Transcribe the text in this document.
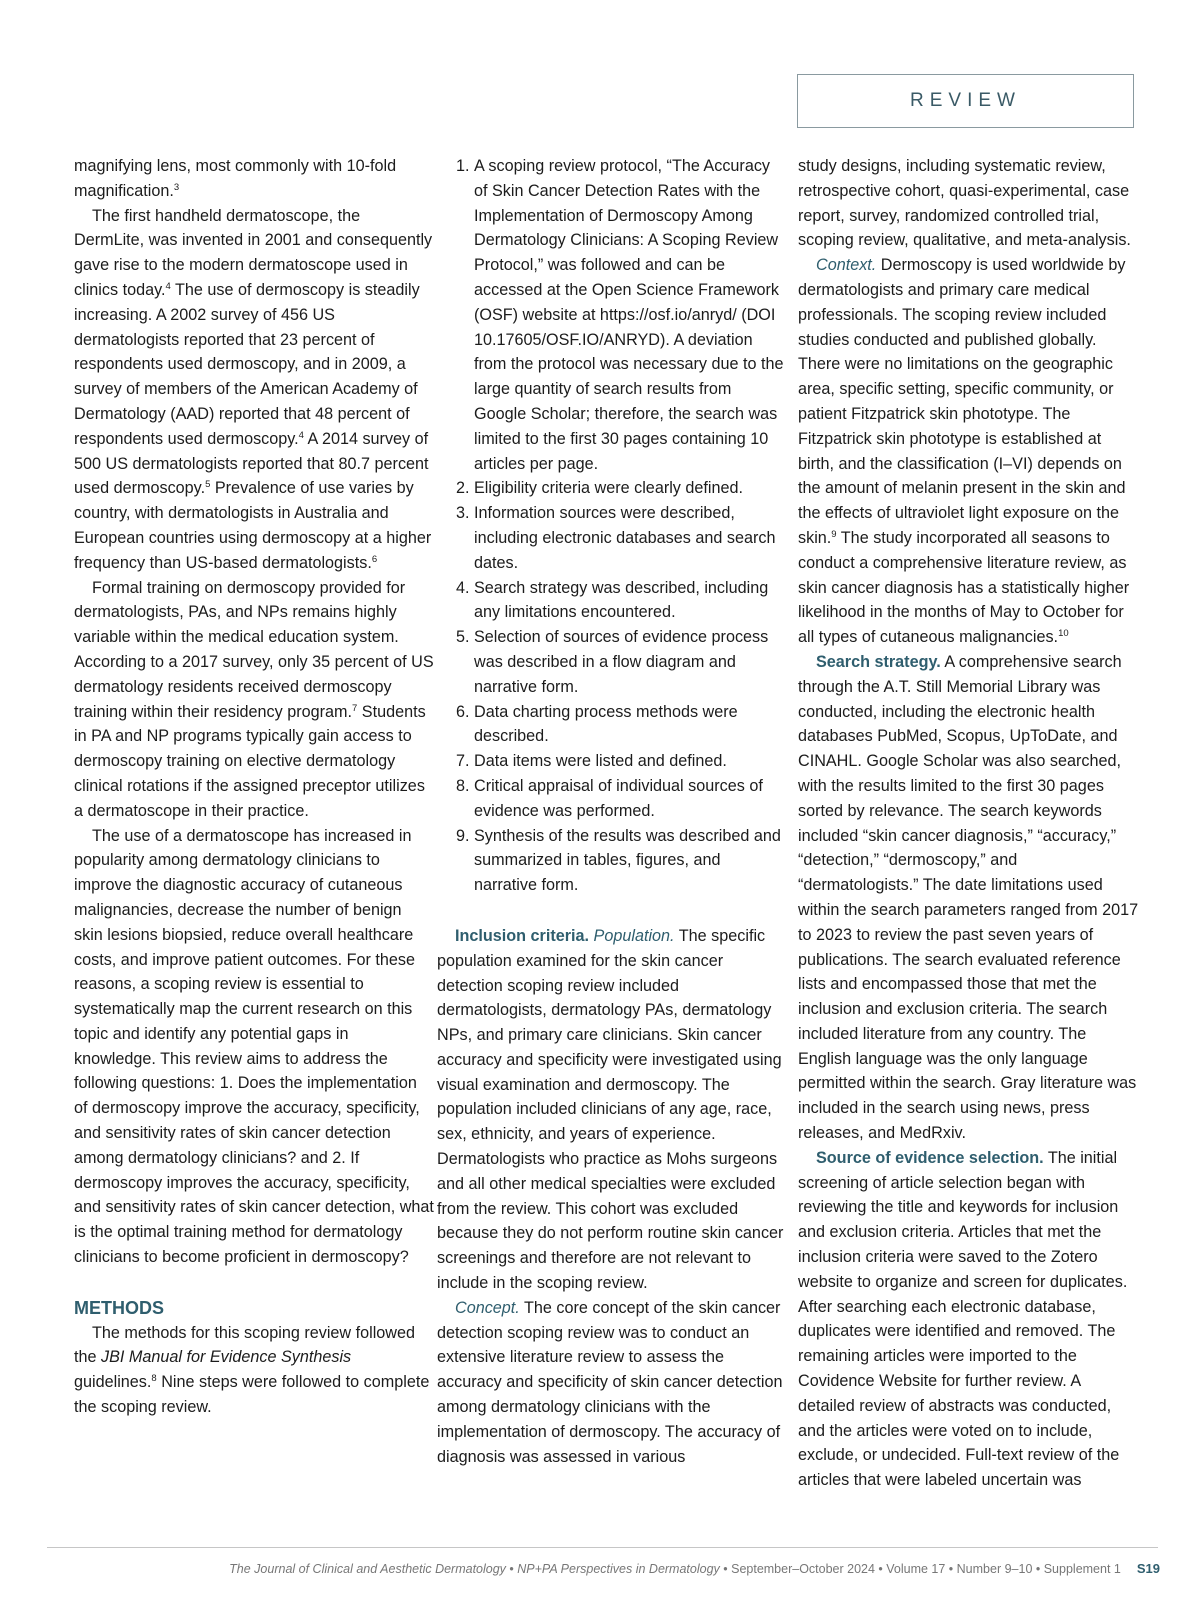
REVIEW

magnifying lens, most commonly with 10-fold magnification.$^3$

The first handheld dermatoscope, the DermLite, was invented in 2001 and consequently gave rise to the modern dermatoscope used in clinics today.$^4$ The use of dermoscopy is steadily increasing. A 2002 survey of 456 US dermatologists reported that 23 percent of respondents used dermoscopy, and in 2009, a survey of members of the American Academy of Dermatology (AAD) reported that 48 percent of respondents used dermoscopy.$^4$ A 2014 survey of 500 US dermatologists reported that 80.7 percent used dermoscopy.$^5$ Prevalence of use varies by country, with dermatologists in Australia and European countries using dermoscopy at a higher frequency than US-based dermatologists.$^6$

Formal training on dermoscopy provided for dermatologists, PAs, and NPs remains highly variable within the medical education system. According to a 2017 survey, only 35 percent of US dermatology residents received dermoscopy training within their residency program.$^7$ Students in PA and NP programs typically gain access to dermoscopy training on elective dermatology clinical rotations if the assigned preceptor utilizes a dermatoscope in their practice.

The use of a dermatoscope has increased in popularity among dermatology clinicians to improve the diagnostic accuracy of cutaneous malignancies, decrease the number of benign skin lesions biopsied, reduce overall healthcare costs, and improve patient outcomes. For these reasons, a scoping review is essential to systematically map the current research on this topic and identify any potential gaps in knowledge. This review aims to address the following questions: 1. Does the implementation of dermoscopy improve the accuracy, specificity, and sensitivity rates of skin cancer detection among dermatology clinicians? and 2. If dermoscopy improves the accuracy, specificity, and sensitivity rates of skin cancer detection, what is the optimal training method for dermatology clinicians to become proficient in dermoscopy?

METHODS

The methods for this scoping review followed the JBI Manual for Evidence Synthesis guidelines.$^8$ Nine steps were followed to complete the scoping review.

1. A scoping review protocol, “The Accuracy of Skin Cancer Detection Rates with the Implementation of Dermoscopy Among Dermatology Clinicians: A Scoping Review Protocol,” was followed and can be accessed at the Open Science Framework (OSF) website at https://osf.io/anryd/ (DOI 10.17605/OSF.IO/ANRYD). A deviation from the protocol was necessary due to the large quantity of search results from Google Scholar; therefore, the search was limited to the first 30 pages containing 10 articles per page.
2. Eligibility criteria were clearly defined.
3. Information sources were described, including electronic databases and search dates.
4. Search strategy was described, including any limitations encountered.
5. Selection of sources of evidence process was described in a flow diagram and narrative form.
6. Data charting process methods were described.
7. Data items were listed and defined.
8. Critical appraisal of individual sources of evidence was performed.
9. Synthesis of the results was described and summarized in tables, figures, and narrative form.

Inclusion criteria. Population. The specific population examined for the skin cancer detection scoping review included dermatologists, dermatology PAs, dermatology NPs, and primary care clinicians. Skin cancer accuracy and specificity were investigated using visual examination and dermoscopy. The population included clinicians of any age, race, sex, ethnicity, and years of experience. Dermatologists who practice as Mohs surgeons and all other medical specialties were excluded from the review. This cohort was excluded because they do not perform routine skin cancer screenings and therefore are not relevant to include in the scoping review.

Concept. The core concept of the skin cancer detection scoping review was to conduct an extensive literature review to assess the accuracy and specificity of skin cancer detection among dermatology clinicians with the implementation of dermoscopy. The accuracy of diagnosis was assessed in various

study designs, including systematic review, retrospective cohort, quasi-experimental, case report, survey, randomized controlled trial, scoping review, qualitative, and meta-analysis.

Context. Dermoscopy is used worldwide by dermatologists and primary care medical professionals. The scoping review included studies conducted and published globally. There were no limitations on the geographic area, specific setting, specific community, or patient Fitzpatrick skin phototype. The Fitzpatrick skin phototype is established at birth, and the classification (I–VI) depends on the amount of melanin present in the skin and the effects of ultraviolet light exposure on the skin.$^9$ The study incorporated all seasons to conduct a comprehensive literature review, as skin cancer diagnosis has a statistically higher likelihood in the months of May to October for all types of cutaneous malignancies.$^{10}$

Search strategy. A comprehensive search through the A.T. Still Memorial Library was conducted, including the electronic health databases PubMed, Scopus, UpToDate, and CINAHL. Google Scholar was also searched, with the results limited to the first 30 pages sorted by relevance. The search keywords included “skin cancer diagnosis,” “accuracy,” “detection,” “dermoscopy,” and “dermatologists.” The date limitations used within the search parameters ranged from 2017 to 2023 to review the past seven years of publications. The search evaluated reference lists and encompassed those that met the inclusion and exclusion criteria. The search included literature from any country. The English language was the only language permitted within the search. Gray literature was included in the search using news, press releases, and MedRxiv.

Source of evidence selection. The initial screening of article selection began with reviewing the title and keywords for inclusion and exclusion criteria. Articles that met the inclusion criteria were saved to the Zotero website to organize and screen for duplicates. After searching each electronic database, duplicates were identified and removed. The remaining articles were imported to the Covidence Website for further review. A detailed review of abstracts was conducted, and the articles were voted on to include, exclude, or undecided. Full-text review of the articles that were labeled uncertain was

The Journal of Clinical and Aesthetic Dermatology • NP+PA Perspectives in Dermatology • September–October 2024 • Volume 17 • Number 9–10 • Supplement 1 S19
